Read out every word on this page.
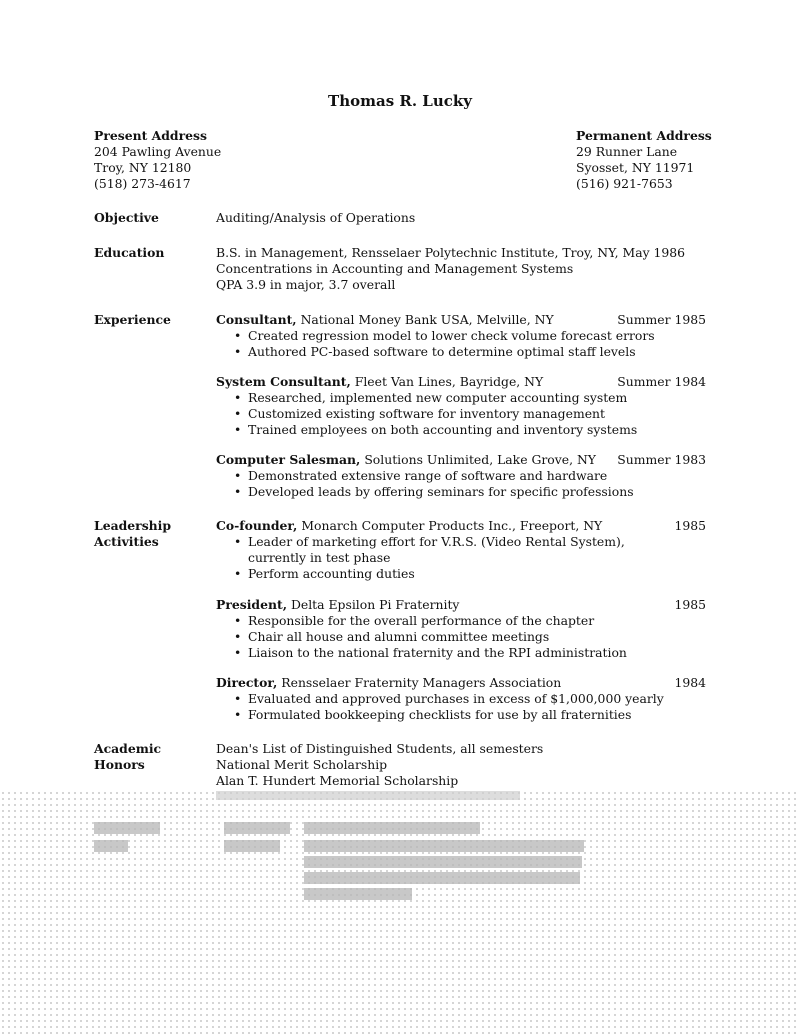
Thomas R. Lucky
Present Address
204 Pawling Avenue
Troy, NY 12180
(518) 273-4617
Permanent Address
29 Runner Lane
Syosset, NY 11971
(516) 921-7653
Objective	Auditing/Analysis of Operations
Education	B.S. in Management, Rensselaer Polytechnic Institute, Troy, NY, May 1986
Concentrations in Accounting and Management Systems
QPA 3.9 in major, 3.7 overall
Experience	Consultant, National Money Bank USA, Melville, NY	Summer 1985
• Created regression model to lower check volume forecast errors
• Authored PC-based software to determine optimal staff levels
System Consultant, Fleet Van Lines, Bayridge, NY	Summer 1984
• Researched, implemented new computer accounting system
• Customized existing software for inventory management
• Trained employees on both accounting and inventory systems
Computer Salesman, Solutions Unlimited, Lake Grove, NY	Summer 1983
• Demonstrated extensive range of software and hardware
• Developed leads by offering seminars for specific professions
Leadership
Activities
Co-founder, Monarch Computer Products Inc., Freeport, NY	1985
• Leader of marketing effort for V.R.S. (Video Rental System),
currently in test phase
• Perform accounting duties
President, Delta Epsilon Pi Fraternity	1985
• Responsible for the overall performance of the chapter
• Chair all house and alumni committee meetings
• Liaison to the national fraternity and the RPI administration
Director, Rensselaer Fraternity Managers Association	1984
• Evaluated and approved purchases in excess of $1,000,000 yearly
• Formulated bookkeeping checklists for use by all fraternities
Academic
Honors
Dean's List of Distinguished Students, all semesters
National Merit Scholarship
Alan T. Hundert Memorial Scholarship
